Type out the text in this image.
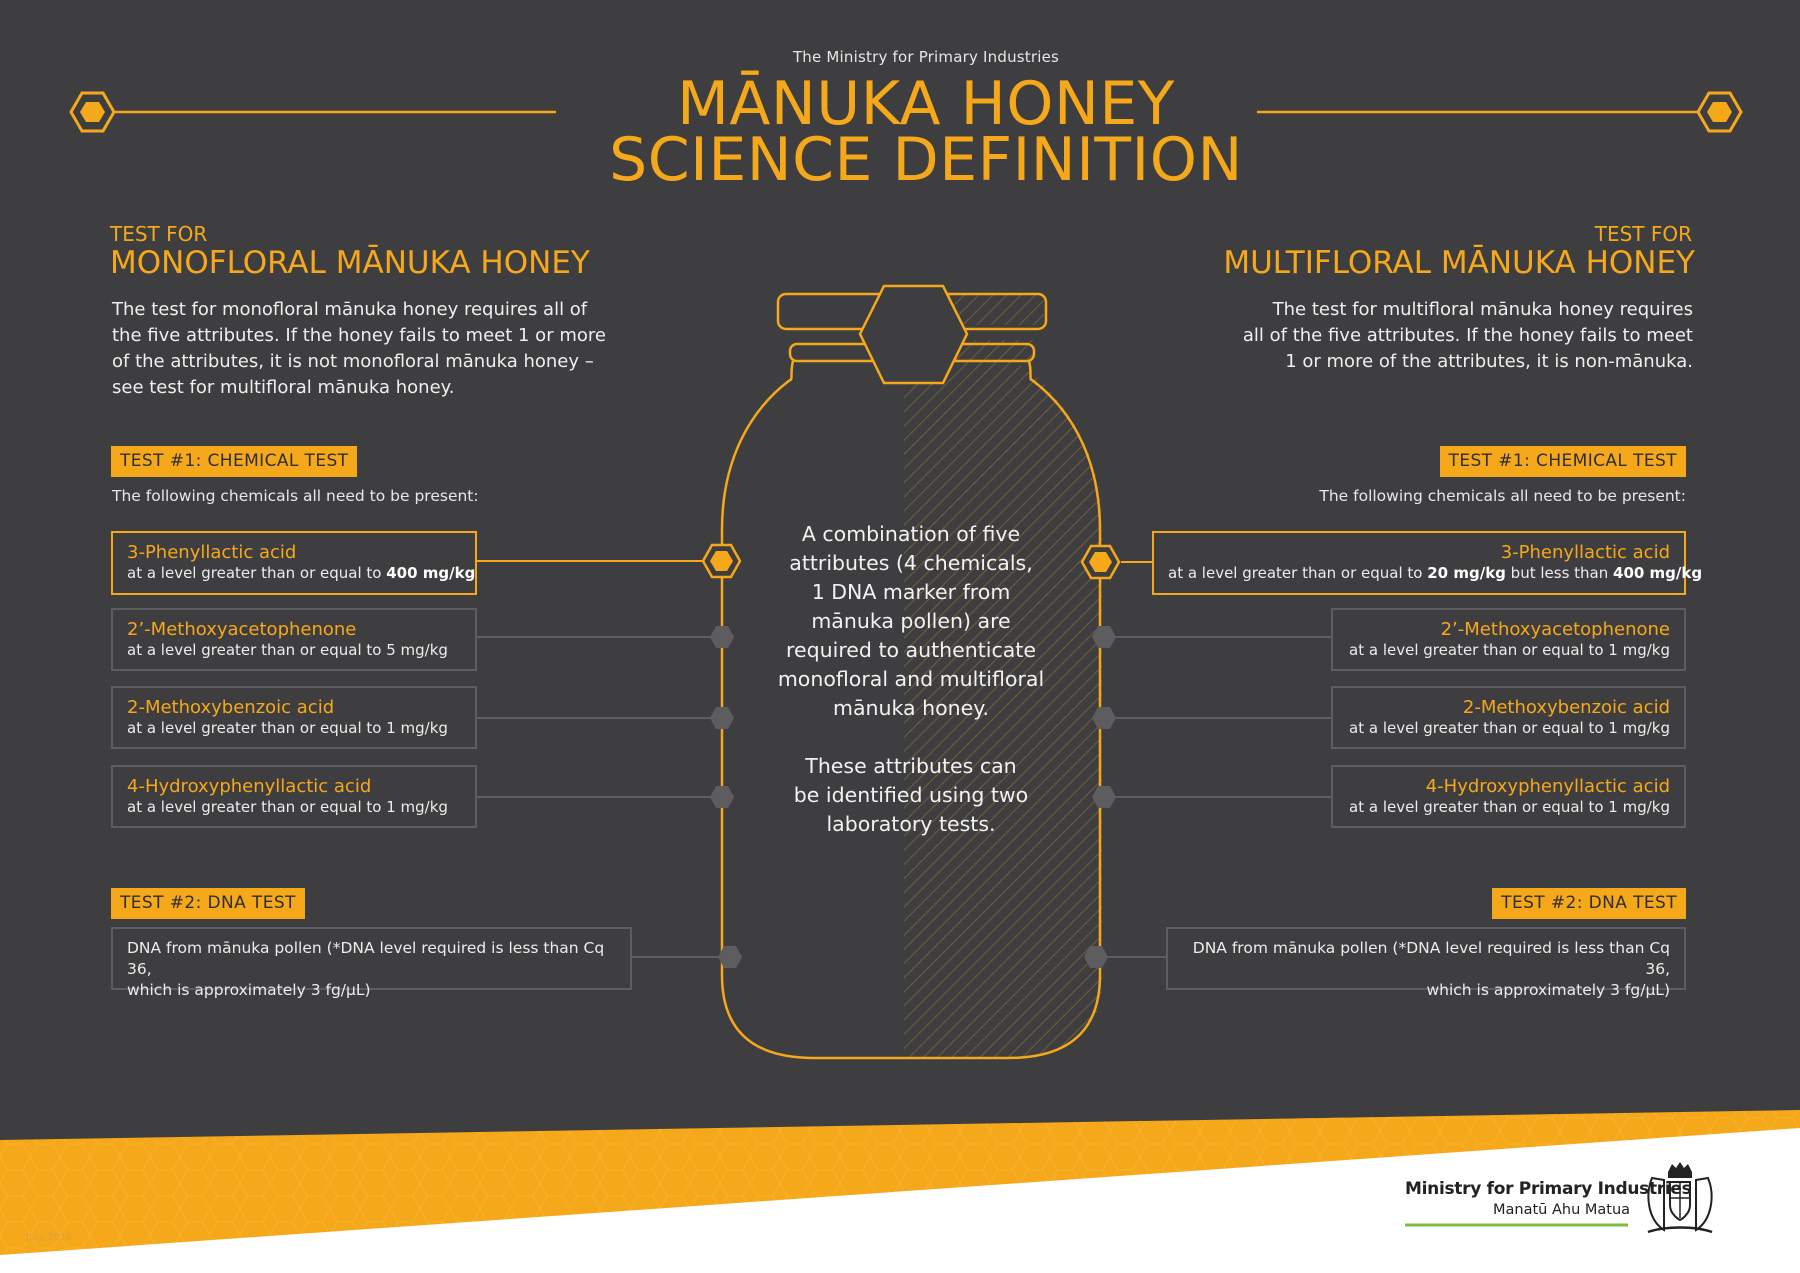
The Ministry for Primary Industries
MĀNUKA HONEY
SCIENCE DEFINITION
TEST FOR
MONOFLORAL MĀNUKA HONEY
The test for monofloral mānuka honey requires all of
the five attributes. If the honey fails to meet 1 or more
of the attributes, it is not monofloral mānuka honey –
see test for multifloral mānuka honey.
TEST #1: CHEMICAL TEST
The following chemicals all need to be present:
3-Phenyllactic acid
at a level greater than or equal to 400 mg/kg
2’-Methoxyacetophenone
at a level greater than or equal to 5 mg/kg
2-Methoxybenzoic acid
at a level greater than or equal to 1 mg/kg
4-Hydroxyphenyllactic acid
at a level greater than or equal to 1 mg/kg
TEST #2: DNA TEST
DNA from mānuka pollen (*DNA level required is less than Cq 36,
which is approximately 3 fg/μL)
TEST FOR
MULTIFLORAL MĀNUKA HONEY
The test for multifloral mānuka honey requires
all of the five attributes. If the honey fails to meet
1 or more of the attributes, it is non-mānuka.
TEST #1: CHEMICAL TEST
The following chemicals all need to be present:
3-Phenyllactic acid
at a level greater than or equal to 20 mg/kg but less than 400 mg/kg
2’-Methoxyacetophenone
at a level greater than or equal to 1 mg/kg
2-Methoxybenzoic acid
at a level greater than or equal to 1 mg/kg
4-Hydroxyphenyllactic acid
at a level greater than or equal to 1 mg/kg
TEST #2: DNA TEST
DNA from mānuka pollen (*DNA level required is less than Cq 36,
which is approximately 3 fg/μL)
A combination of five
attributes (4 chemicals,
1 DNA marker from
mānuka pollen) are
required to authenticate
monofloral and multifloral
mānuka honey.
These attributes can
be identified using two
laboratory tests.
July 2018
Ministry for Primary Industries
Manatū Ahu Matua
